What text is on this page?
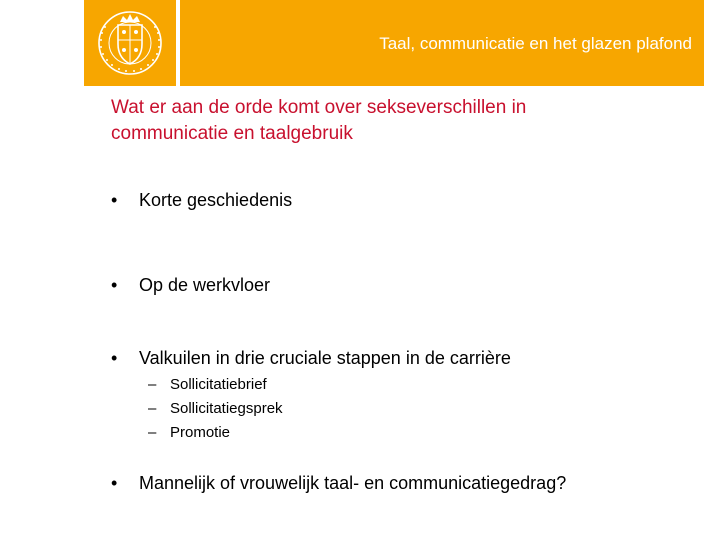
Taal, communicatie en het glazen plafond
Wat er aan de orde komt over sekseverschillen in
communicatie en taalgebruik
• Korte geschiedenis
• Op de werkvloer
• Valkuilen in drie cruciale stappen in de carrière
– Sollicitatiebrief
– Sollicitatiegsprek
– Promotie
• Mannelijk of vrouwelijk taal- en communicatiegedrag?
